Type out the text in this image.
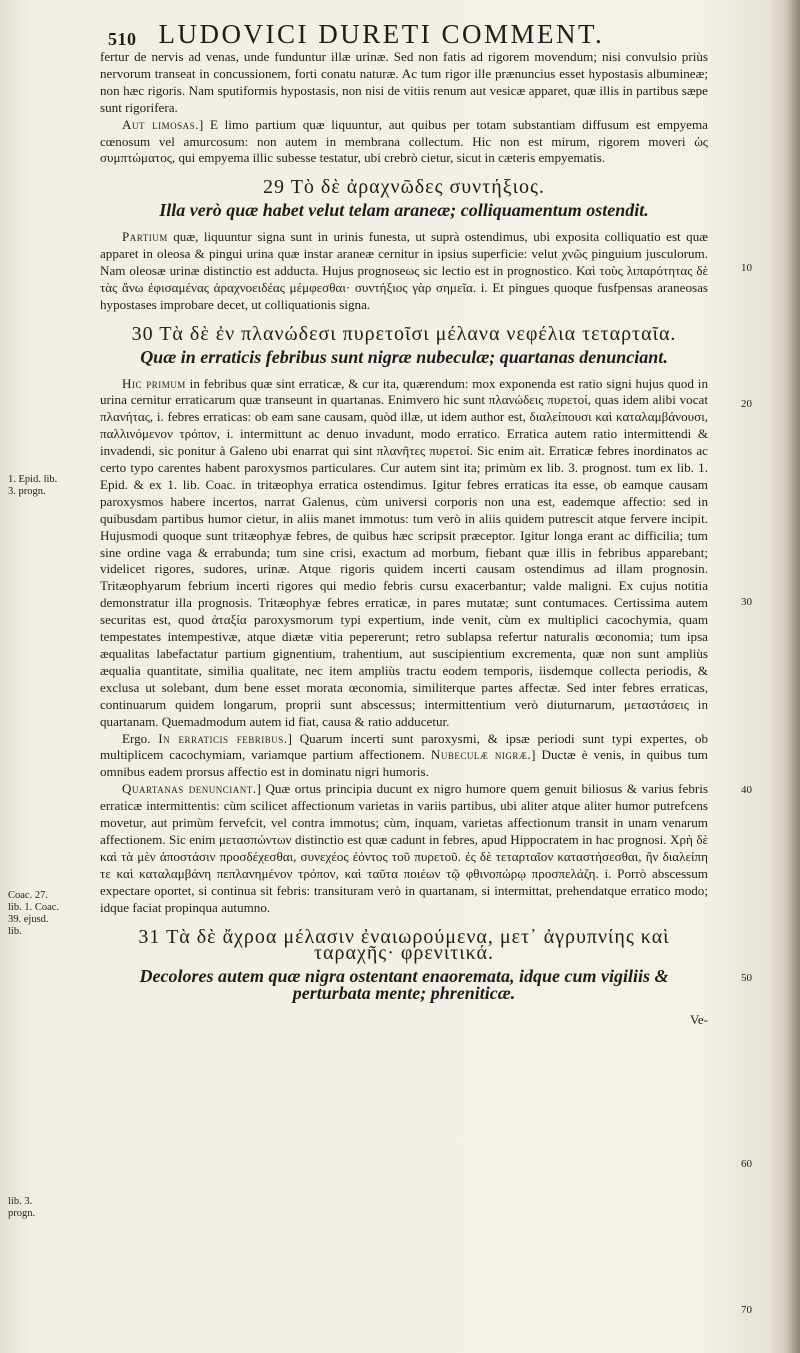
510 LUDOVICI DURETI COMMENT.
1. Epid. lib. 3. progn.
Coac. 27. lib. 1. Coac. 39. ejusd. lib.
lib. 3. progn.
10
20
30
40
50
60
70

fertur de nervis ad venas, unde funduntur illæ urinæ. Sed non fatis ad rigorem movendum; nisi convulsio priùs nervorum transeat in concussionem, forti conatu naturæ. Ac tum rigor ille prænuncius esset hypostasis albumineæ; non hæc rigoris. Nam sputiformis hypostasis, non nisi de vitiis renum aut vesicæ apparet, quæ illis in partibus sæpe sunt rigorifera.

Aut limosas.] E limo partium quæ liquuntur, aut quibus per totam substantiam diffusum est empyema cœnosum vel amurcosum: non autem in membrana collectum. Hic non est mirum, rigorem moveri ὡς συμπτώματος, qui empyema illic subesse testatur, ubi crebrò cietur, sicut in cæteris empyematis.

29 Τὸ δὲ ἀραχνῶδες συντήξιος.
Illa verò quæ habet velut telam araneæ; colliquamentum ostendit.

Partium quæ, liquuntur signa sunt in urinis funesta, ut suprà ostendimus, ubi exposita colliquatio est quæ apparet in oleosa & pingui urina quæ instar araneæ cernitur in ipsius superficie: velut χνῶς pinguium jusculorum. Nam oleosæ urinæ distinctio est adducta. Hujus prognoseως sic lectio est in prognostico. Καὶ τοὺς λιπαρότητας δὲ τὰς ἄνω ἐφισαμένας ἀραχνοειδέας μέμφεσθαι· συντήξιος γὰρ σημεῖα. i. Et pingues quoque fusfpensas araneosas hypostases improbare decet, ut colliquationis signa.

30 Τὰ δὲ ἐν πλανώδεσι πυρετοῖσι μέλανα νεφέλια τεταρταῖα.
Quæ in erraticis febribus sunt nigræ nubeculæ; quartanas denunciant.

Hic primum in febribus quæ sint erraticæ, & cur ita, quærendum: mox exponenda est ratio signi hujus quod in urina cernitur erraticarum quæ transeunt in quartanas. Enimvero hic sunt πλανώδεις πυρετοί, quas idem alibi vocat πλανήτας, i. febres erraticas: ob eam sane causam, quòd illæ, ut idem author est, διαλείπουσι καὶ καταλαμβάνουσι, παλλινόμενον τρόπον, i. intermittunt ac denuo invadunt, modo erratico. Erratica autem ratio intermittendi & invadendi, sic ponitur à Galeno ubi enarrat qui sint πλανῆτες πυρετοί. Sic enim ait. Erraticæ febres inordinatos ac certo typo carentes habent paroxysmos particulares. Cur autem sint ita; primùm ex lib. 3. prognost. tum ex lib. 1. Epid. & ex 1. lib. Coac. in tritæophya erratica ostendimus. Igitur febres erraticas ita esse, ob eamque causam paroxysmos habere incertos, narrat Galenus, cùm universi corporis non una est, eademque affectio: sed in quibusdam partibus humor cietur, in aliis manet immotus: tum verò in aliis quidem putrescit atque fervere incipit. Hujusmodi quoque sunt tritæophyæ febres, de quibus hæc scripsit præceptor. Igitur longa erant ac difficilia; tum sine ordine vaga & errabunda; tum sine crisi, exactum ad morbum, fiebant quæ illis in febribus apparebant; videlicet rigores, sudores, urinæ. Atque rigoris quidem incerti causam ostendimus ad illam prognosin. Tritæophyarum febrium incerti rigores qui medio febris cursu exacerbantur; valde maligni. Ex cujus notitia demonstratur illa prognosis. Tritæophyæ febres erraticæ, in pares mutatæ; sunt contumaces. Certissima autem securitas est, quod ἀταξία paroxysmorum typi expertium, inde venit, cùm ex multiplici cacochymia, quam tempestates intempestivæ, atque diætæ vitia pepererunt; retro sublapsa refertur naturalis œconomia; tum ipsa æqualitas labefactatur partium gignentium, trahentium, aut suscipientium excrementa, quæ non sunt ampliùs æqualia quantitate, similia qualitate, nec item ampliùs tractu eodem temporis, iisdemque collecta periodis, & exclusa ut solebant, dum bene esset morata œconomia, similiterque partes affectæ. Sed inter febres erraticas, continuarum quidem longarum, proprii sunt abscessus; intermittentium verò diuturnarum, μεταστάσεις in quartanam. Quemadmodum autem id fiat, causa & ratio adducetur.

Ergo. In erraticis febribus.] Quarum incerti sunt paroxysmi, & ipsæ periodi sunt typi expertes, ob multiplicem cacochymiam, variamque partium affectionem. Nubeculæ nigræ.] Ductæ è venis, in quibus tum omnibus eadem prorsus affectio est in dominatu nigri humoris.

Quartanas denunciant.] Quæ ortus principia ducunt ex nigro humore quem genuit biliosus & varius febris erraticæ intermittentis: cùm scilicet affectionum varietas in variis partibus, ubi aliter atque aliter humor putrefcens movetur, aut primùm fervefcit, vel contra immotus; cùm, inquam, varietas affectionum transit in unam venarum affectionem. Sic enim μετασπώντων distinctio est quæ cadunt in febres, apud Hippocratem in hac prognosi. Χρὴ δὲ καὶ τὰ μὲν ἀποστάσιν προσδέχεσθαι, συνεχέος ἐόντος τοῦ πυρετοῦ. ἐς δὲ τεταρταῖον καταστήσεσθαι, ἢν διαλείπη τε καὶ καταλαμβάνη πεπλανημένον τρόπον, καὶ ταῦτα ποιέων τῷ φθινοπώρῳ προσπελάζη. i. Porrò abscessum expectare oportet, si continua sit febris: transituram verò in quartanam, si intermittat, prehendatque erratico modo; idque faciat propinqua autumno.

31 Τὰ δὲ ἄχροα μέλασιν ἐναιωρούμενα, μετ᾽ ἀγρυπνίης καὶ ταραχῆς· φρενιτικά.
Decolores autem quæ nigra ostentant enaoremata, idque cum vigiliis & perturbata mente; phreniticæ.
Ve-
